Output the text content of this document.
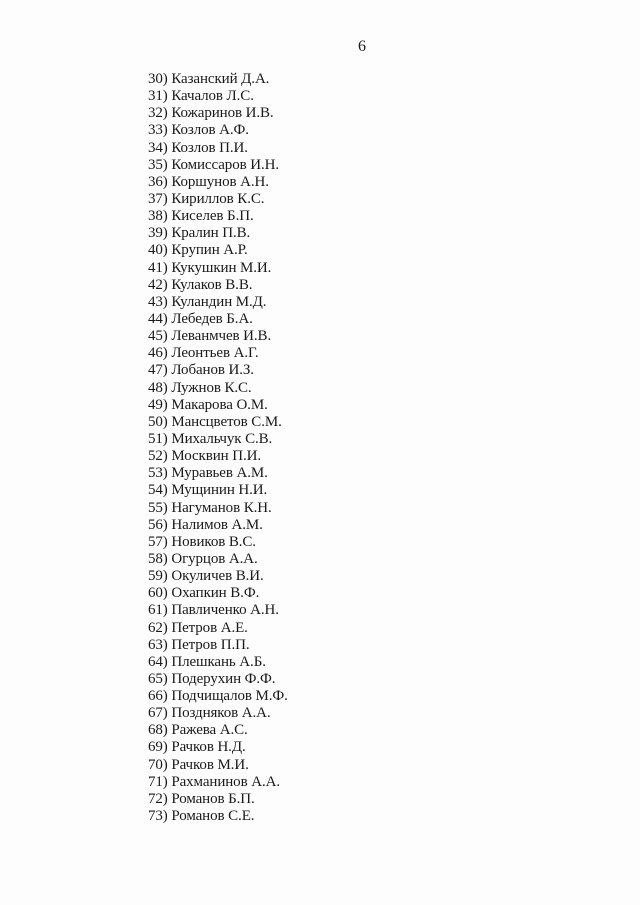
6
30) Казанский Д.А.
31) Качалов Л.С.
32) Кожаринов И.В.
33) Козлов А.Ф.
34) Козлов П.И.
35) Комиссаров И.Н.
36) Коршунов А.Н.
37) Кириллов К.С.
38) Киселев Б.П.
39) Кралин П.В.
40) Крупин А.Р.
41) Кукушкин М.И.
42) Кулаков В.В.
43) Куландин М.Д.
44) Лебедев Б.А.
45) Леванмчев И.В.
46) Леонтьев А.Г.
47) Лобанов И.З.
48) Лужнов К.С.
49) Макарова О.М.
50) Мансцветов С.М.
51) Михальчук С.В.
52) Москвин П.И.
53) Муравьев А.М.
54) Мущинин Н.И.
55) Нагуманов К.Н.
56) Налимов А.М.
57) Новиков В.С.
58) Огурцов А.А.
59) Окуличев В.И.
60) Охапкин В.Ф.
61) Павличенко А.Н.
62) Петров А.Е.
63) Петров П.П.
64) Плешкань А.Б.
65) Подерухин Ф.Ф.
66) Подчищалов М.Ф.
67) Поздняков А.А.
68) Ражева А.С.
69) Рачков Н.Д.
70) Рачков М.И.
71) Рахманинов А.А.
72) Романов Б.П.
73) Романов С.Е.
